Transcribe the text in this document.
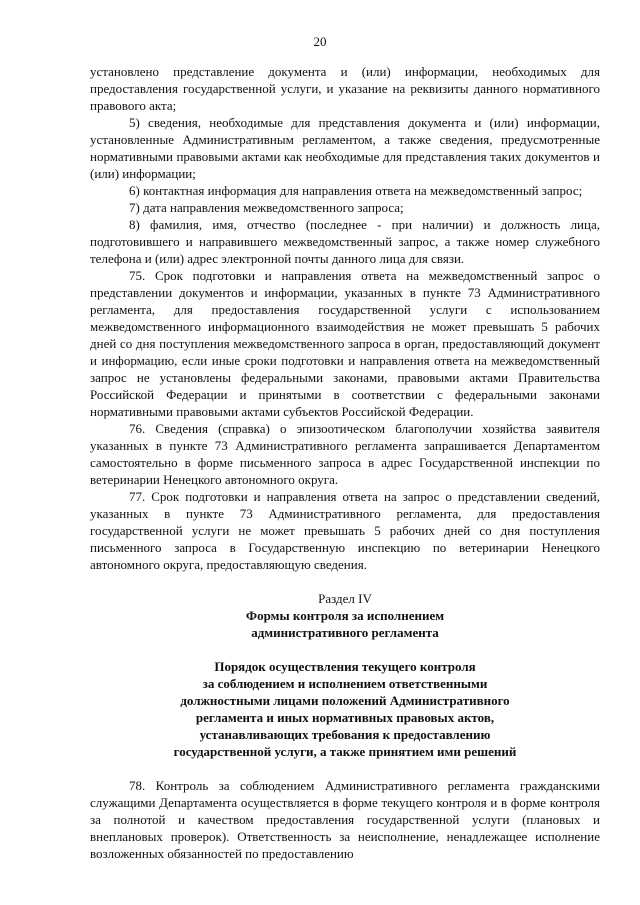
20

установлено представление документа и (или) информации, необходимых для предоставления государственной услуги, и указание на реквизиты данного нормативного правового акта;

5) сведения, необходимые для представления документа и (или) информации, установленные Административным регламентом, а также сведения, предусмотренные нормативными правовыми актами как необходимые для представления таких документов и (или) информации;

6) контактная информация для направления ответа на межведомственный запрос;

7) дата направления межведомственного запроса;

8) фамилия, имя, отчество (последнее - при наличии) и должность лица, подготовившего и направившего межведомственный запрос, а также номер служебного телефона и (или) адрес электронной почты данного лица для связи.

75. Срок подготовки и направления ответа на межведомственный запрос о представлении документов и информации, указанных в пункте 73 Административного регламента, для предоставления государственной услуги с использованием межведомственного информационного взаимодействия не может превышать 5 рабочих дней со дня поступления межведомственного запроса в орган, предоставляющий документ и информацию, если иные сроки подготовки и направления ответа на межведомственный запрос не установлены федеральными законами, правовыми актами Правительства Российской Федерации и принятыми в соответствии с федеральными законами нормативными правовыми актами субъектов Российской Федерации.

76. Сведения (справка) о эпизоотическом благополучии хозяйства заявителя указанных в пункте 73 Административного регламента запрашивается Департаментом самостоятельно в форме письменного запроса в адрес Государственной инспекции по ветеринарии Ненецкого автономного округа.

77. Срок подготовки и направления ответа на запрос о представлении сведений, указанных в пункте 73 Административного регламента, для предоставления государственной услуги не может превышать 5 рабочих дней со дня поступления письменного запроса в Государственную инспекцию по ветеринарии Ненецкого автономного округа, предоставляющую сведения.

Раздел IV

Формы контроля за исполнением
административного регламента

Порядок осуществления текущего контроля
за соблюдением и исполнением ответственными
должностными лицами положений Административного
регламента и иных нормативных правовых актов,
устанавливающих требования к предоставлению
государственной услуги, а также принятием ими решений

78. Контроль за соблюдением Административного регламента гражданскими служащими Департамента осуществляется в форме текущего контроля и в форме контроля за полнотой и качеством предоставления государственной услуги (плановых и внеплановых проверок). Ответственность за неисполнение, ненадлежащее исполнение возложенных обязанностей по предоставлению
